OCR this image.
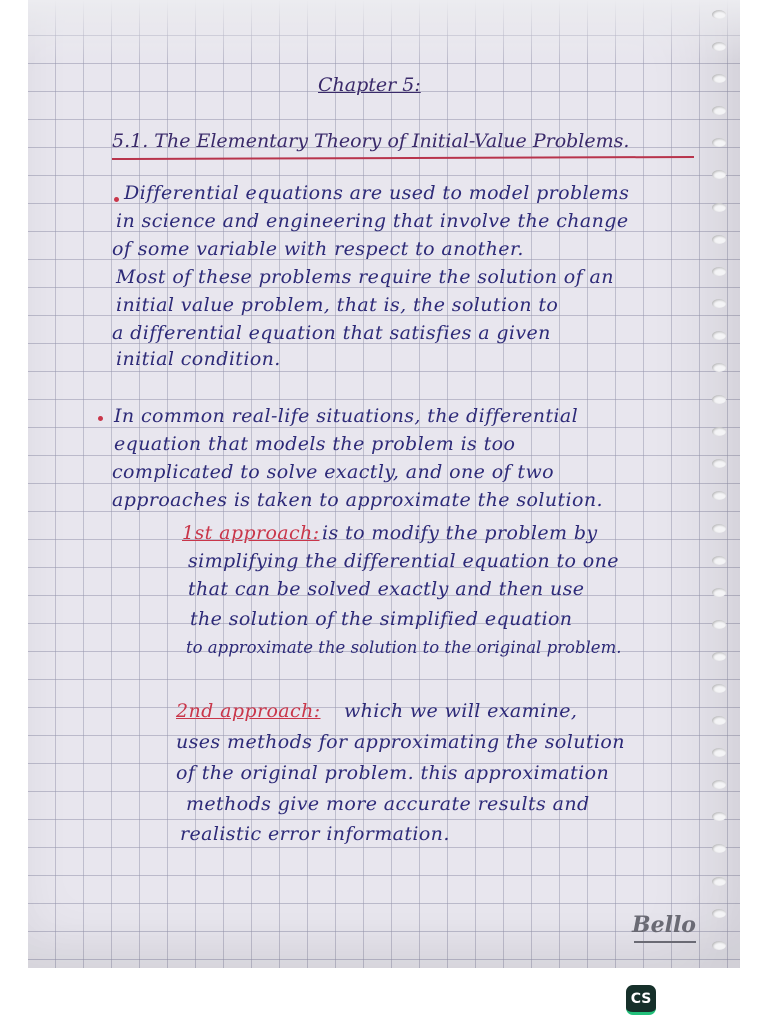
Chapter 5:
5.1. The Elementary Theory of Initial-Value Problems.
Differential equations are used to model problems
in science and engineering that involve the change
of some variable with respect to another.
Most of these problems require the solution of an
initial value problem, that is, the solution to
a differential equation that satisfies a given
initial condition.
In common real-life situations, the differential
equation that models the problem is too
complicated to solve exactly, and one of two
approaches is taken to approximate the solution.
1st approach: is to modify the problem by
simplifying the differential equation to one
that can be solved exactly and then use
the solution of the simplified equation
to approximate the solution to the original problem.
2nd approach: which we will examine,
uses methods for approximating the solution
of the original problem. this approximation
methods give more accurate results and
realistic error information.
Bello
CS
